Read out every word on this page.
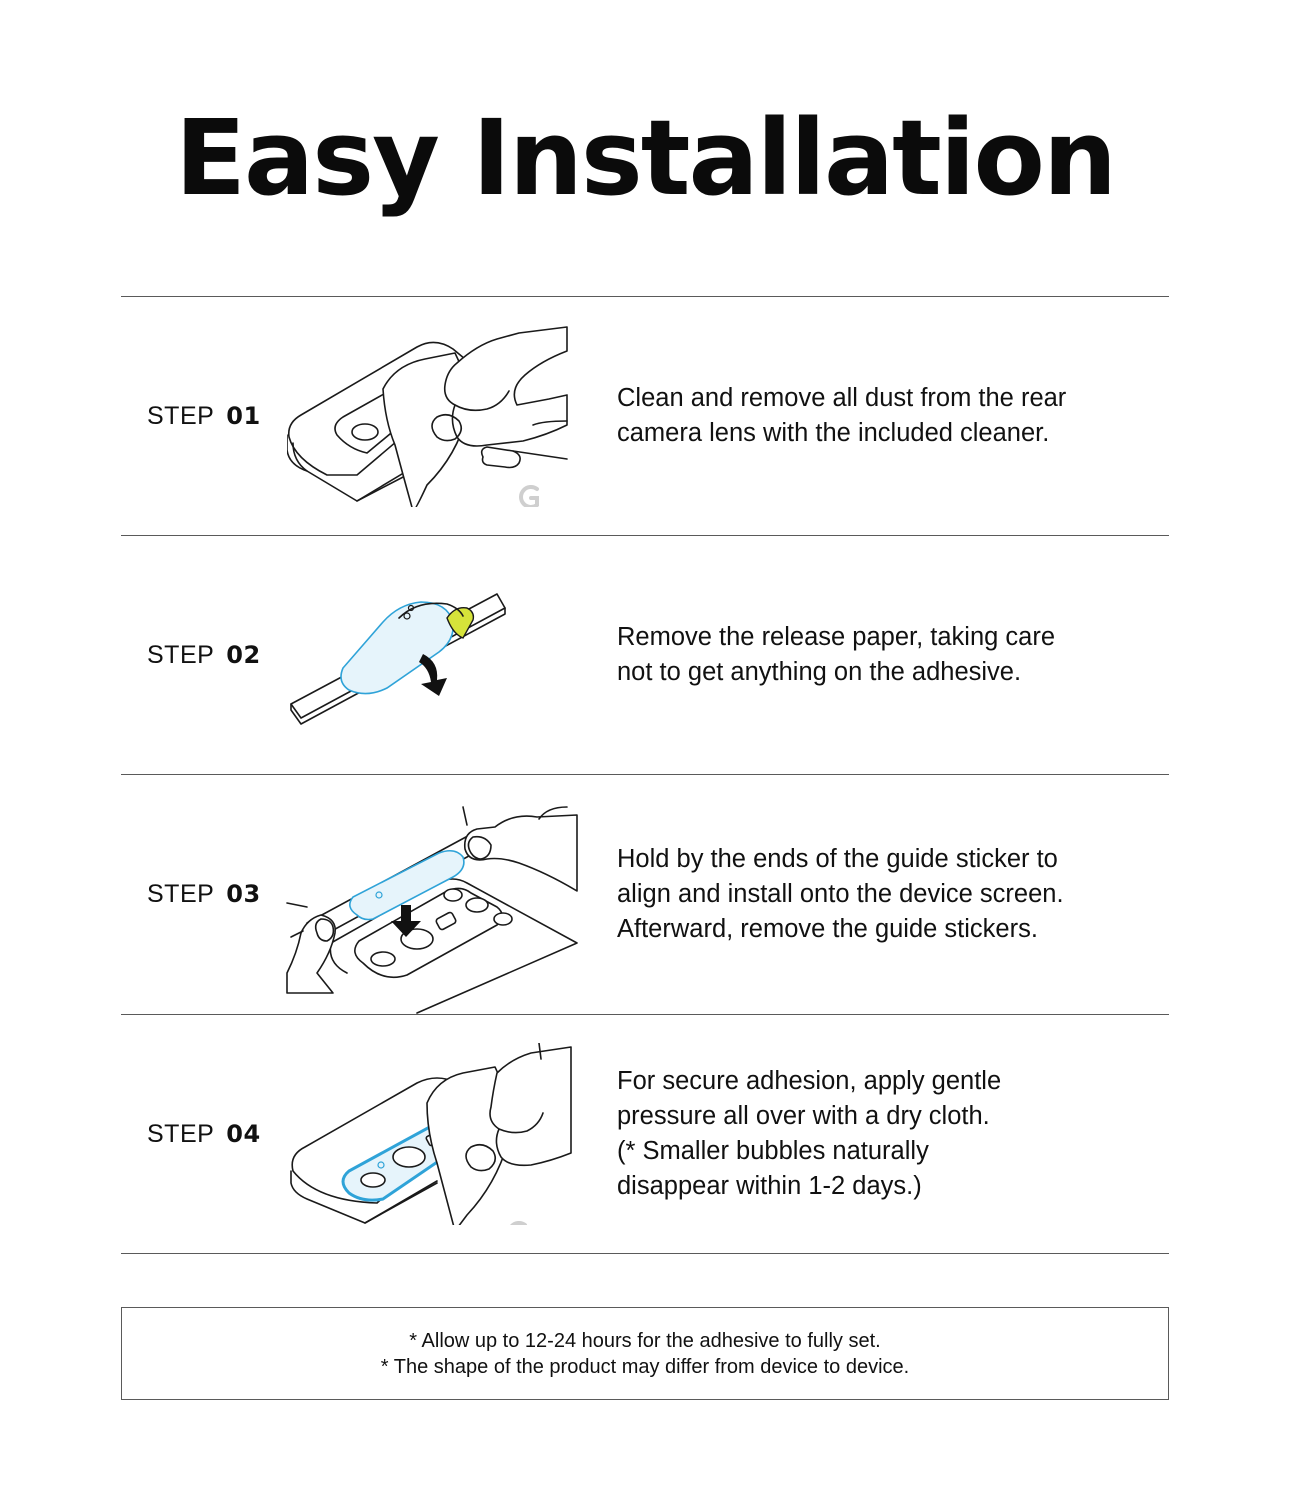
Easy Installation
STEP 01
Clean and remove all dust from the rear
camera lens with the included cleaner.
STEP 02
Remove the release paper, taking care
not to get anything on the adhesive.
STEP 03
Hold by the ends of the guide sticker to
align and install onto the device screen.
Afterward, remove the guide stickers.
STEP 04
For secure adhesion, apply gentle
pressure all over with a dry cloth.
(* Smaller bubbles naturally
disappear within 1-2 days.)
* Allow up to 12-24 hours for the adhesive to fully set.
* The shape of the product may differ from device to device.
